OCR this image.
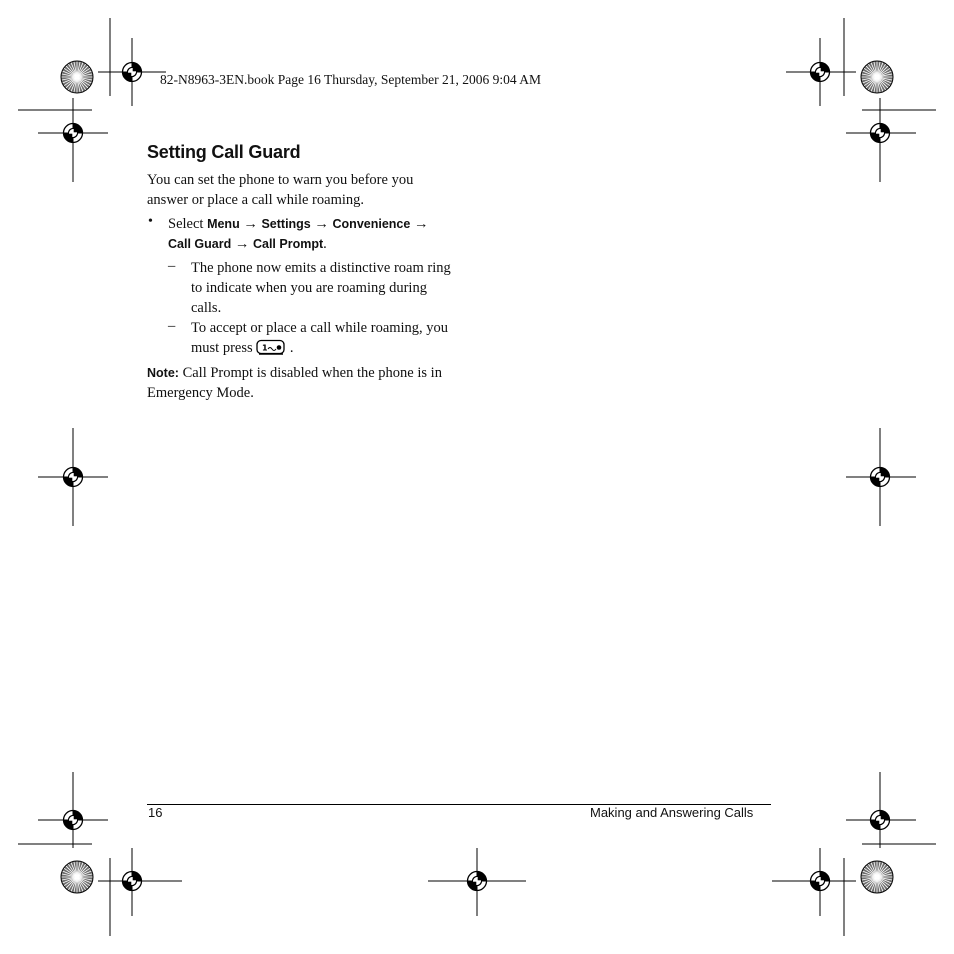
82-N8963-3EN.book Page 16 Thursday, September 21, 2006 9:04 AM
Setting Call Guard
You can set the phone to warn you before you answer or place a call while roaming.
• Select Menu → Settings → Convenience →
Call Guard → Call Prompt.
– The phone now emits a distinctive roam ring to indicate when you are roaming during calls.
– To accept or place a call while roaming, you must press 1 .
Note: Call Prompt is disabled when the phone is in Emergency Mode.
16	Making and Answering Calls
